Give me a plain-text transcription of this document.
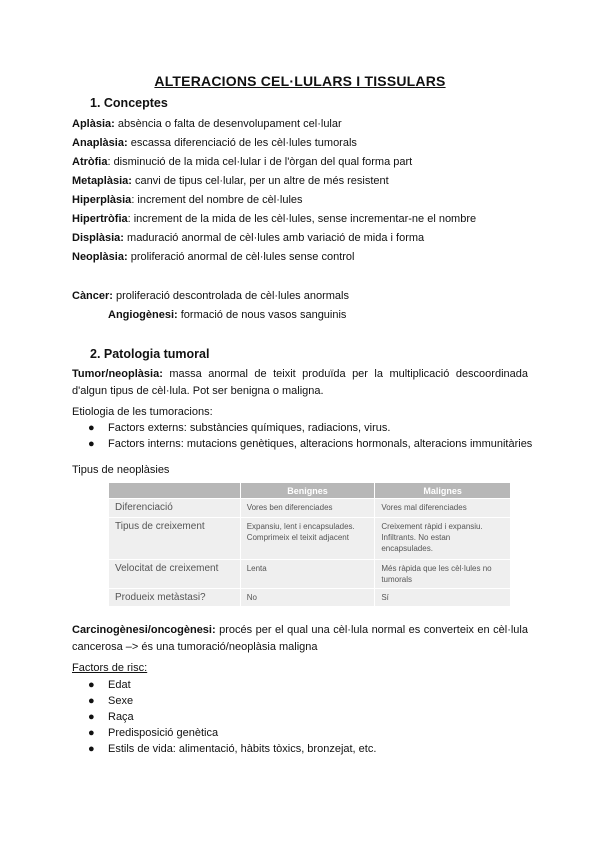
ALTERACIONS CEL·LULARS I TISSULARS
1. Conceptes
Aplàsia: absència o falta de desenvolupament cel·lular
Anaplàsia: escassa diferenciació de les cèl·lules tumorals
Atròfia: disminució de la mida cel·lular i de l'òrgan del qual forma part
Metaplàsia: canvi de tipus cel·lular, per un altre de més resistent
Hiperplàsia: increment del nombre de cèl·lules
Hipertròfia: increment de la mida de les cèl·lules, sense incrementar-ne el nombre
Displàsia: maduració anormal de cèl·lules amb variació de mida i forma
Neoplàsia: proliferació anormal de cèl·lules sense control
Càncer: proliferació descontrolada de cèl·lules anormals
Angiogènesi: formació de nous vasos sanguinis
2. Patologia tumoral
Tumor/neoplàsia: massa anormal de teixit produïda per la multiplicació descoordinada d'algun tipus de cèl·lula. Pot ser benigna o maligna.
Etiologia de les tumoracions:
● Factors externs: substàncies químiques, radiacions, virus.
● Factors interns: mutacions genètiques, alteracions hormonals, alteracions immunitàries
Tipus de neoplàsies
	Benignes	Malignes
Diferenciació	Vores ben diferenciades	Vores mal diferenciades
Tipus de creixement	Expansiu, lent i encapsulades. Comprimeix el teixit adjacent	Creixement ràpid i expansiu. Infiltrants. No estan encapsulades.
Velocitat de creixement	Lenta	Més ràpida que les cèl·lules no tumorals
Produeix metàstasi?	No	Sí
Carcinogènesi/oncogènesi: procés per el qual una cèl·lula normal es converteix en cèl·lula cancerosa –> és una tumoració/neoplàsia maligna
Factors de risc:
● Edat
● Sexe
● Raça
● Predisposició genètica
● Estils de vida: alimentació, hàbits tòxics, bronzejat, etc.
